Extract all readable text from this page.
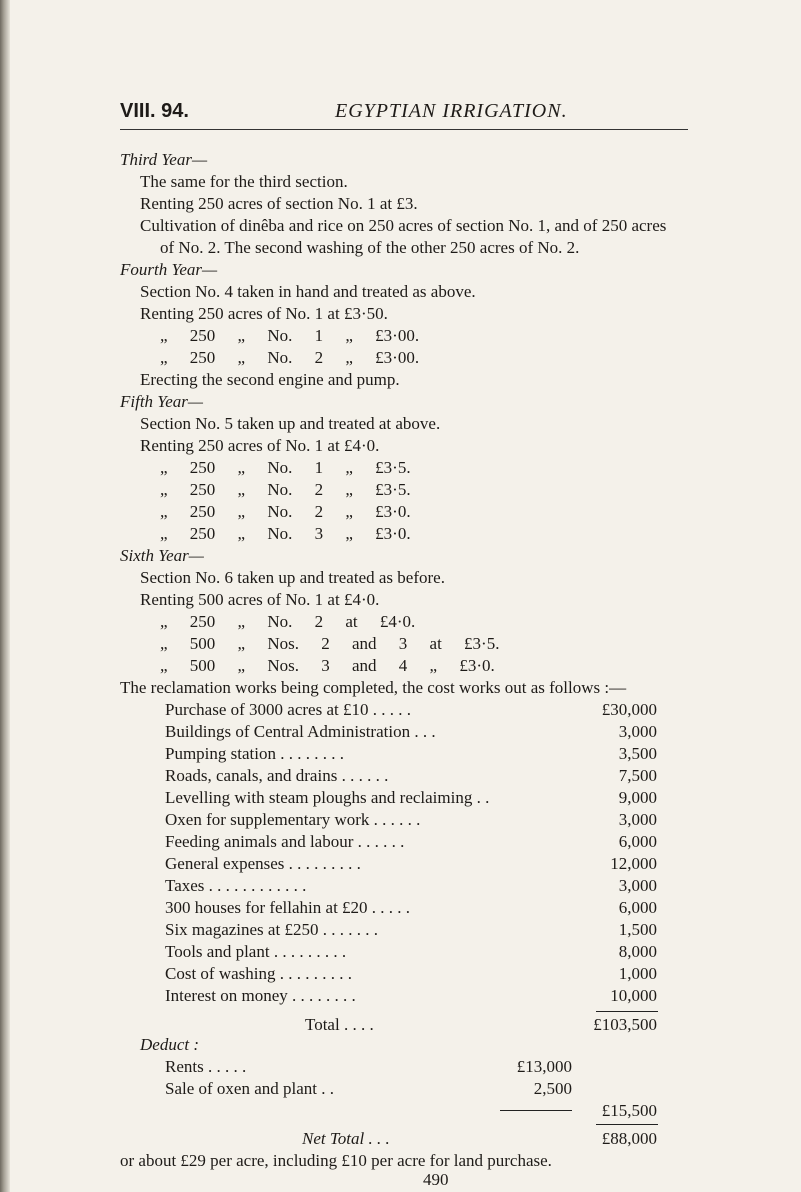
VIII. 94.	EGYPTIAN IRRIGATION.
Third Year—
The same for the third section.
Renting 250 acres of section No. 1 at £3.
Cultivation of dinêba and rice on 250 acres of section No. 1, and of 250 acres
of No. 2. The second washing of the other 250 acres of No. 2.
Fourth Year—
Section No. 4 taken in hand and treated as above.
Renting 250 acres of No. 1 at £3·50.
„ 250 „ No. 1 „ £3·00.
„ 250 „ No. 2 „ £3·00.
Erecting the second engine and pump.
Fifth Year—
Section No. 5 taken up and treated at above.
Renting 250 acres of No. 1 at £4·0.
„ 250 „ No. 1 „ £3·5.
„ 250 „ No. 2 „ £3·5.
„ 250 „ No. 2 „ £3·0.
„ 250 „ No. 3 „ £3·0.
Sixth Year—
Section No. 6 taken up and treated as before.
Renting 500 acres of No. 1 at £4·0.
„ 250 „ No. 2 at £4·0.
„ 500 „ Nos. 2 and 3 at £3·5.
„ 500 „ Nos. 3 and 4 „ £3·0.
The reclamation works being completed, the cost works out as follows :—
Purchase of 3000 acres at £10 . . . . .	£30,000
Buildings of Central Administration . . .	3,000
Pumping station . . . . . . . .	3,500
Roads, canals, and drains . . . . . .	7,500
Levelling with steam ploughs and reclaiming . .	9,000
Oxen for supplementary work . . . . . .	3,000
Feeding animals and labour . . . . . .	6,000
General expenses . . . . . . . . .	12,000
Taxes . . . . . . . . . . . .	3,000
300 houses for fellahin at £20 . . . . .	6,000
Six magazines at £250 . . . . . . .	1,500
Tools and plant . . . . . . . . .	8,000
Cost of washing . . . . . . . . .	1,000
Interest on money . . . . . . . .	10,000
Total . . . .	£103,500
Deduct :
Rents . . . . .	£13,000
Sale of oxen and plant . .	2,500
£15,500
Net Total . . .	£88,000
or about £29 per acre, including £10 per acre for land purchase.
490
